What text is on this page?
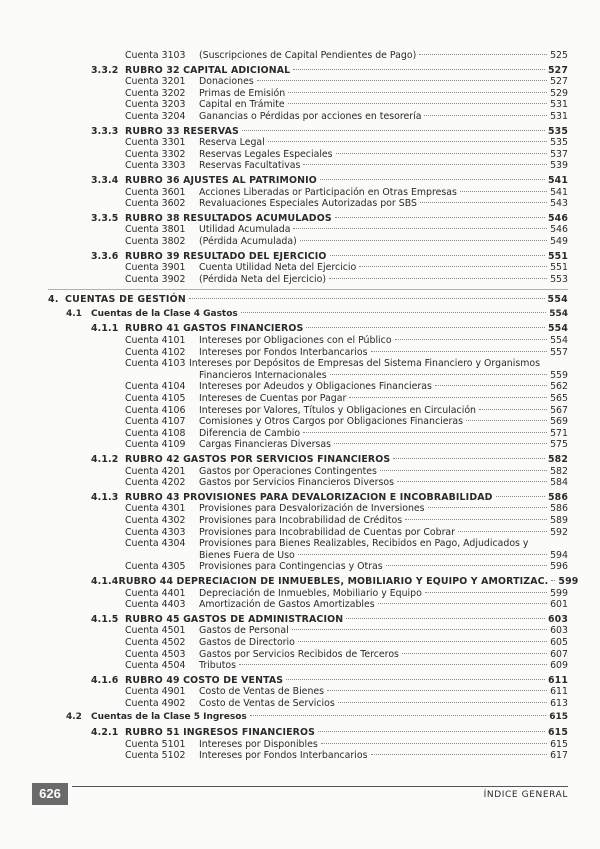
Cuenta 3103	(Suscripciones de Capital Pendientes de Pago)	525
3.3.2 RUBRO 32 CAPITAL ADICIONAL	527
Cuenta 3201	Donaciones	527
Cuenta 3202	Primas de Emisión	529
Cuenta 3203	Capital en Trámite	531
Cuenta 3204	Ganancias o Pérdidas por acciones en tesorería	531
3.3.3 RUBRO 33 RESERVAS	535
Cuenta 3301	Reserva Legal	535
Cuenta 3302	Reservas Legales Especiales	537
Cuenta 3303	Reservas Facultativas	539
3.3.4 RUBRO 36 AJUSTES AL PATRIMONIO	541
Cuenta 3601	Acciones Liberadas or Participación en Otras Empresas	541
Cuenta 3602	Revaluaciones Especiales Autorizadas por SBS	543
3.3.5 RUBRO 38 RESULTADOS ACUMULADOS	546
Cuenta 3801	Utilidad Acumulada	546
Cuenta 3802	(Pérdida Acumulada)	549
3.3.6 RUBRO 39 RESULTADO DEL EJERCICIO	551
Cuenta 3901	Cuenta Utilidad Neta del Ejercicio	551
Cuenta 3902	(Pérdida Neta del Ejercicio)	553
4. CUENTAS DE GESTIÓN	554
4.1	Cuentas de la Clase 4 Gastos	554
4.1.1 RUBRO 41 GASTOS FINANCIEROS	554
Cuenta 4101	Intereses por Obligaciones con el Público	554
Cuenta 4102	Intereses por Fondos Interbancarios	557
Cuenta 4103 Intereses por Depósitos de Empresas del Sistema Financiero y Organismos
Financieros Internacionales	559
Cuenta 4104	Intereses por Adeudos y Obligaciones Financieras	562
Cuenta 4105	Intereses de Cuentas por Pagar	565
Cuenta 4106	Intereses por Valores, Títulos y Obligaciones en Circulación	567
Cuenta 4107	Comisiones y Otros Cargos por Obligaciones Financieras	569
Cuenta 4108	Diferencia de Cambio	571
Cuenta 4109	Cargas Financieras Diversas	575
4.1.2 RUBRO 42 GASTOS POR SERVICIOS FINANCIEROS	582
Cuenta 4201	Gastos por Operaciones Contingentes	582
Cuenta 4202	Gastos por Servicios Financieros Diversos	584
4.1.3 RUBRO 43 PROVISIONES PARA DEVALORIZACION E INCOBRABILIDAD	586
Cuenta 4301	Provisiones para Desvalorización de Inversiones	586
Cuenta 4302	Provisiones para Incobrabilidad de Créditos	589
Cuenta 4303	Provisiones para Incobrabilidad de Cuentas por Cobrar	592
Cuenta 4304	Provisiones para Bienes Realizables, Recibidos en Pago, Adjudicados y
Bienes Fuera de Uso	594
Cuenta 4305	Provisiones para Contingencias y Otras	596
4.1.4 RUBRO 44 DEPRECIACION DE INMUEBLES, MOBILIARIO Y EQUIPO Y AMORTIZAC. 599
Cuenta 4401	Depreciación de Inmuebles, Mobiliario y Equipo	599
Cuenta 4403	Amortización de Gastos Amortizables	601
4.1.5 RUBRO 45 GASTOS DE ADMINISTRACION	603
Cuenta 4501	Gastos de Personal	603
Cuenta 4502	Gastos de Directorio	605
Cuenta 4503	Gastos por Servicios Recibidos de Terceros	607
Cuenta 4504	Tributos	609
4.1.6 RUBRO 49 COSTO DE VENTAS	611
Cuenta 4901	Costo de Ventas de Bienes	611
Cuenta 4902	Costo de Ventas de Servicios	613
4.2	Cuentas de la Clase 5 Ingresos	615
4.2.1 RUBRO 51 INGRESOS FINANCIEROS	615
Cuenta 5101	Intereses por Disponibles	615
Cuenta 5102	Intereses por Fondos Interbancarios	617
626	ÍNDICE GENERAL
